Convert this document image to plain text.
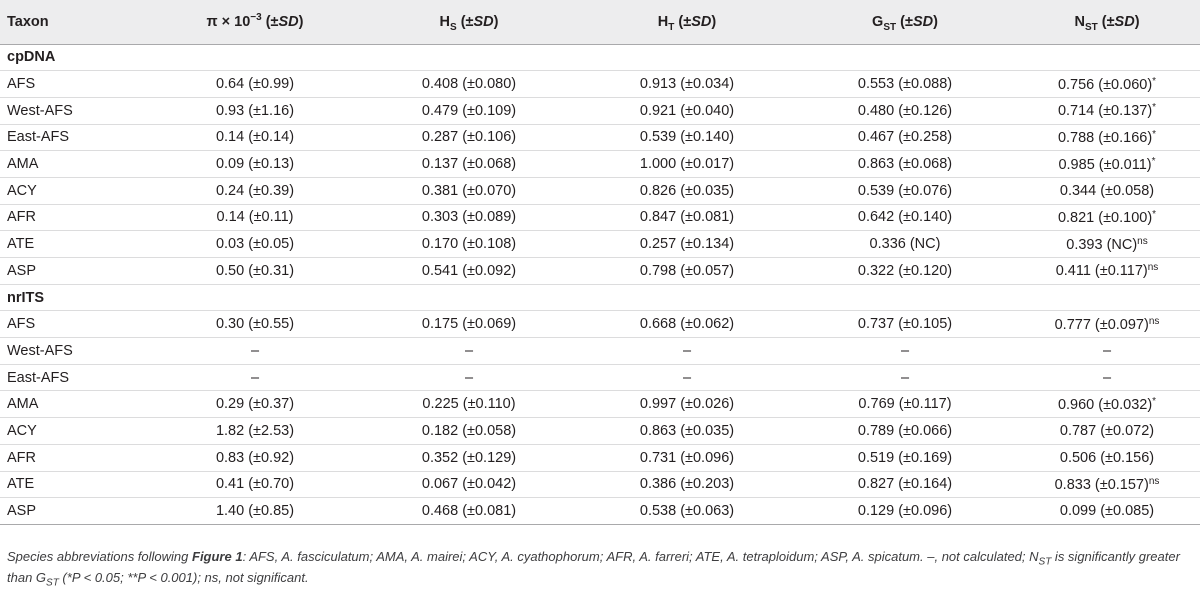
Taxon	$\pi \times 10^{-3}$ (±SD)	$H_S$ (±SD)	$H_T$ (±SD)	$G_{ST}$ (±SD)	$N_{ST}$ (±SD)
cpDNA					
AFS	0.64 (±0.99)	0.408 (±0.080)	0.913 (±0.034)	0.553 (±0.088)	0.756 (±0.060)*
West-AFS	0.93 (±1.16)	0.479 (±0.109)	0.921 (±0.040)	0.480 (±0.126)	0.714 (±0.137)*
East-AFS	0.14 (±0.14)	0.287 (±0.106)	0.539 (±0.140)	0.467 (±0.258)	0.788 (±0.166)*
AMA	0.09 (±0.13)	0.137 (±0.068)	1.000 (±0.017)	0.863 (±0.068)	0.985 (±0.011)*
ACY	0.24 (±0.39)	0.381 (±0.070)	0.826 (±0.035)	0.539 (±0.076)	0.344 (±0.058)
AFR	0.14 (±0.11)	0.303 (±0.089)	0.847 (±0.081)	0.642 (±0.140)	0.821 (±0.100)*
ATE	0.03 (±0.05)	0.170 (±0.108)	0.257 (±0.134)	0.336 (NC)	0.393 (NC)$^{ns}$
ASP	0.50 (±0.31)	0.541 (±0.092)	0.798 (±0.057)	0.322 (±0.120)	0.411 $(\pm 0.117)^{ns}$
nrITS					
AFS	0.30 (±0.55)	0.175 (±0.069)	0.668 (±0.062)	0.737 (±0.105)	0.777 $(\pm 0.097)^{ns}$
West-AFS	–	–	–	–	–
East-AFS	–	–	–	–	–
AMA	0.29 (±0.37)	0.225 (±0.110)	0.997 (±0.026)	0.769 (±0.117)	0.960 (±0.032)*
ACY	1.82 (±2.53)	0.182 (±0.058)	0.863 (±0.035)	0.789 (±0.066)	0.787 (±0.072)
AFR	0.83 (±0.92)	0.352 (±0.129)	0.731 (±0.096)	0.519 (±0.169)	0.506 (±0.156)
ATE	0.41 (±0.70)	0.067 (±0.042)	0.386 (±0.203)	0.827 (±0.164)	0.833 $(\pm 0.157)^{ns}$
ASP	1.40 (±0.85)	0.468 (±0.081)	0.538 (±0.063)	0.129 (±0.096)	0.099 (±0.085)
Species abbreviations following Figure 1: AFS, A. fasciculatum; AMA, A. mairei; ACY, A. cyathophorum; AFR, A. farreri; ATE, A. tetraploidum; ASP, A. spicatum. –, not calculated; $N_{ST}$ is significantly greater than $G_{ST}$ (*P < 0.05; **P < 0.001); ns, not significant.
